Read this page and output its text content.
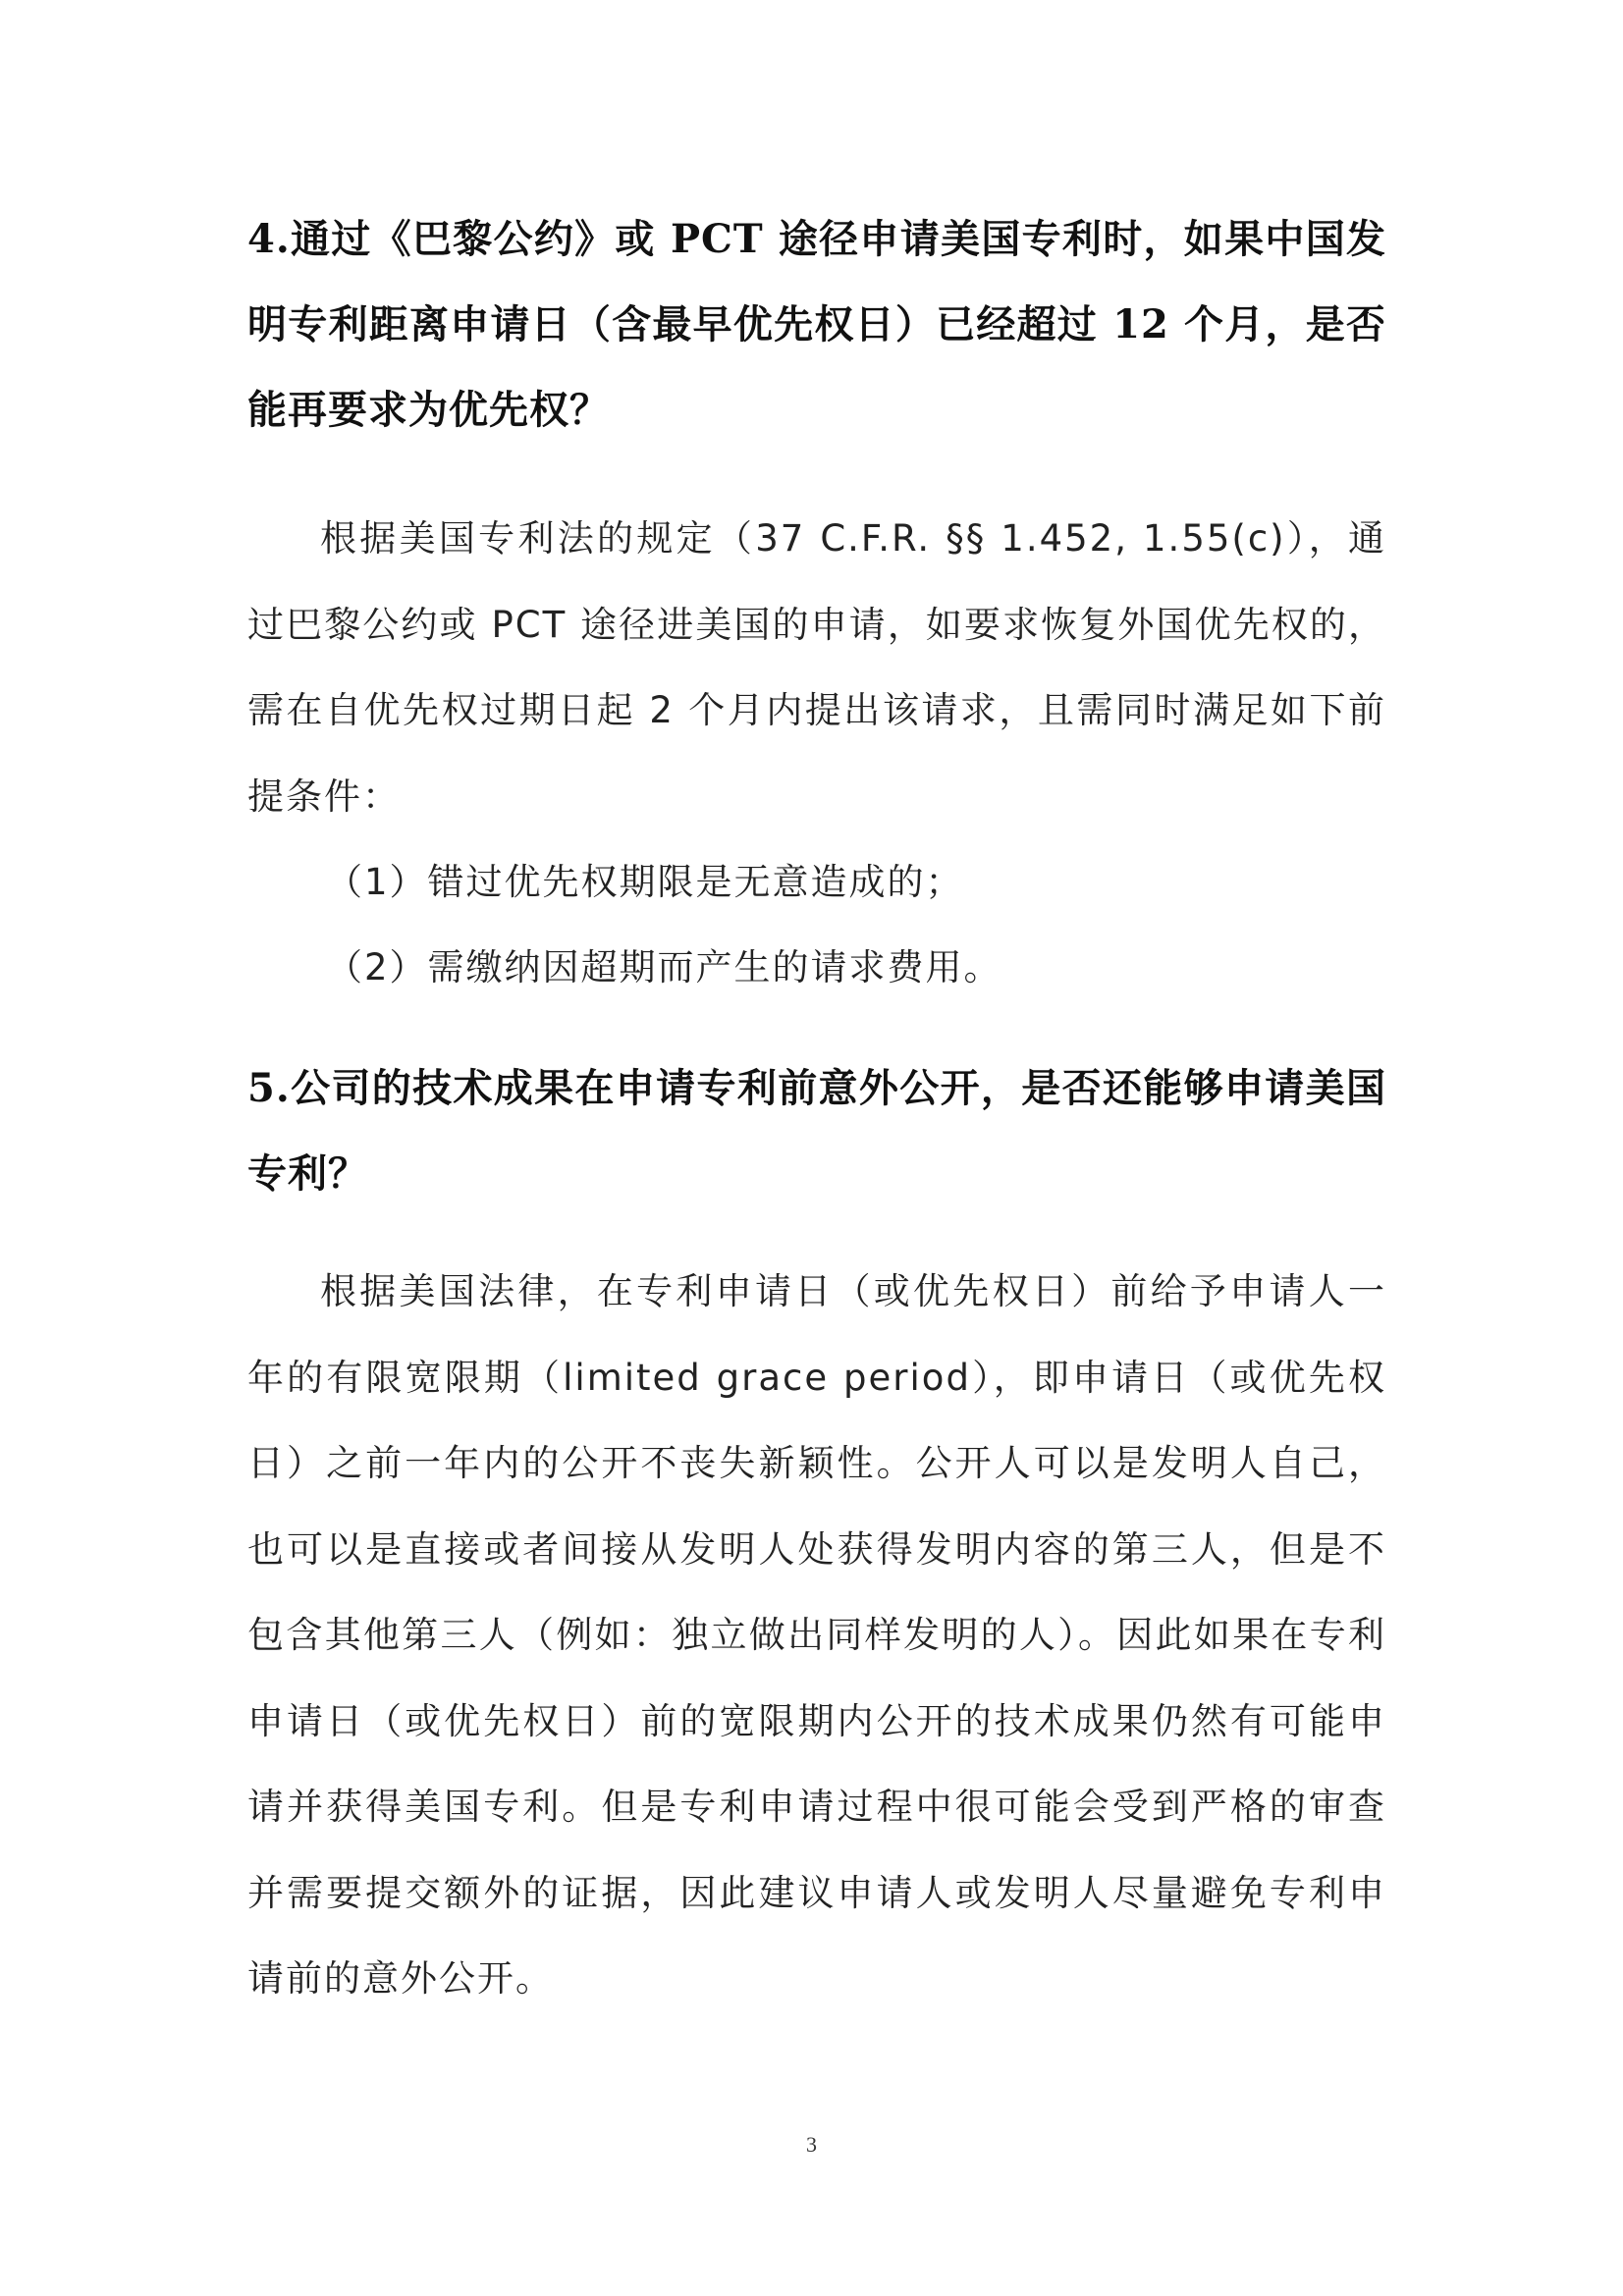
4.通过《巴黎公约》或 PCT 途径申请美国专利时，如果中国发明专利距离申请日（含最早优先权日）已经超过 12 个月，是否能再要求为优先权？
根据美国专利法的规定（37 C.F.R. §§ 1.452, 1.55(c)），通过巴黎公约或 PCT 途径进美国的申请，如要求恢复外国优先权的，需在自优先权过期日起 2 个月内提出该请求，且需同时满足如下前提条件：
（1）错过优先权期限是无意造成的；
（2）需缴纳因超期而产生的请求费用。
5.公司的技术成果在申请专利前意外公开，是否还能够申请美国专利？
根据美国法律，在专利申请日（或优先权日）前给予申请人一年的有限宽限期（limited grace period），即申请日（或优先权日）之前一年内的公开不丧失新颖性。公开人可以是发明人自己，也可以是直接或者间接从发明人处获得发明内容的第三人，但是不包含其他第三人（例如：独立做出同样发明的人）。因此如果在专利申请日（或优先权日）前的宽限期内公开的技术成果仍然有可能申请并获得美国专利。但是专利申请过程中很可能会受到严格的审查并需要提交额外的证据，因此建议申请人或发明人尽量避免专利申请前的意外公开。
3
